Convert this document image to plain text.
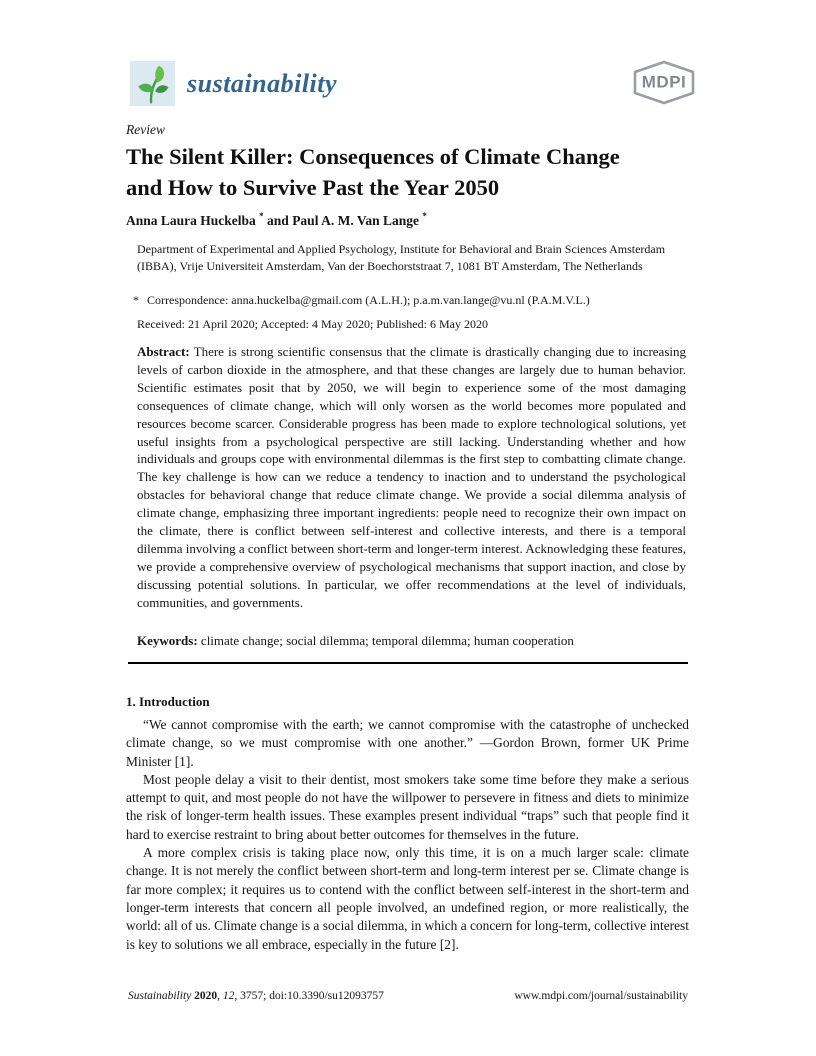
sustainability	MDPI
Review
The Silent Killer: Consequences of Climate Change
and How to Survive Past the Year 2050
Anna Laura Huckelba * and Paul A. M. Van Lange *
Department of Experimental and Applied Psychology, Institute for Behavioral and Brain Sciences Amsterdam (IBBA), Vrije Universiteit Amsterdam, Van der Boechorststraat 7, 1081 BT Amsterdam, The Netherlands
* Correspondence: anna.huckelba@gmail.com (A.L.H.); p.a.m.van.lange@vu.nl (P.A.M.V.L.)
Received: 21 April 2020; Accepted: 4 May 2020; Published: 6 May 2020
Abstract: There is strong scientific consensus that the climate is drastically changing due to increasing levels of carbon dioxide in the atmosphere, and that these changes are largely due to human behavior. Scientific estimates posit that by 2050, we will begin to experience some of the most damaging consequences of climate change, which will only worsen as the world becomes more populated and resources become scarcer. Considerable progress has been made to explore technological solutions, yet useful insights from a psychological perspective are still lacking. Understanding whether and how individuals and groups cope with environmental dilemmas is the first step to combatting climate change. The key challenge is how can we reduce a tendency to inaction and to understand the psychological obstacles for behavioral change that reduce climate change. We provide a social dilemma analysis of climate change, emphasizing three important ingredients: people need to recognize their own impact on the climate, there is conflict between self-interest and collective interests, and there is a temporal dilemma involving a conflict between short-term and longer-term interest. Acknowledging these features, we provide a comprehensive overview of psychological mechanisms that support inaction, and close by discussing potential solutions. In particular, we offer recommendations at the level of individuals, communities, and governments.
Keywords: climate change; social dilemma; temporal dilemma; human cooperation
1. Introduction

“We cannot compromise with the earth; we cannot compromise with the catastrophe of unchecked climate change, so we must compromise with one another.” —Gordon Brown, former UK Prime Minister [1].

Most people delay a visit to their dentist, most smokers take some time before they make a serious attempt to quit, and most people do not have the willpower to persevere in fitness and diets to minimize the risk of longer-term health issues. These examples present individual “traps” such that people find it hard to exercise restraint to bring about better outcomes for themselves in the future.

A more complex crisis is taking place now, only this time, it is on a much larger scale: climate change. It is not merely the conflict between short-term and long-term interest per se. Climate change is far more complex; it requires us to contend with the conflict between self-interest in the short-term and longer-term interests that concern all people involved, an undefined region, or more realistically, the world: all of us. Climate change is a social dilemma, in which a concern for long-term, collective interest is key to solutions we all embrace, especially in the future [2].

Sustainability 2020, 12, 3757; doi:10.3390/su12093757	www.mdpi.com/journal/sustainability
